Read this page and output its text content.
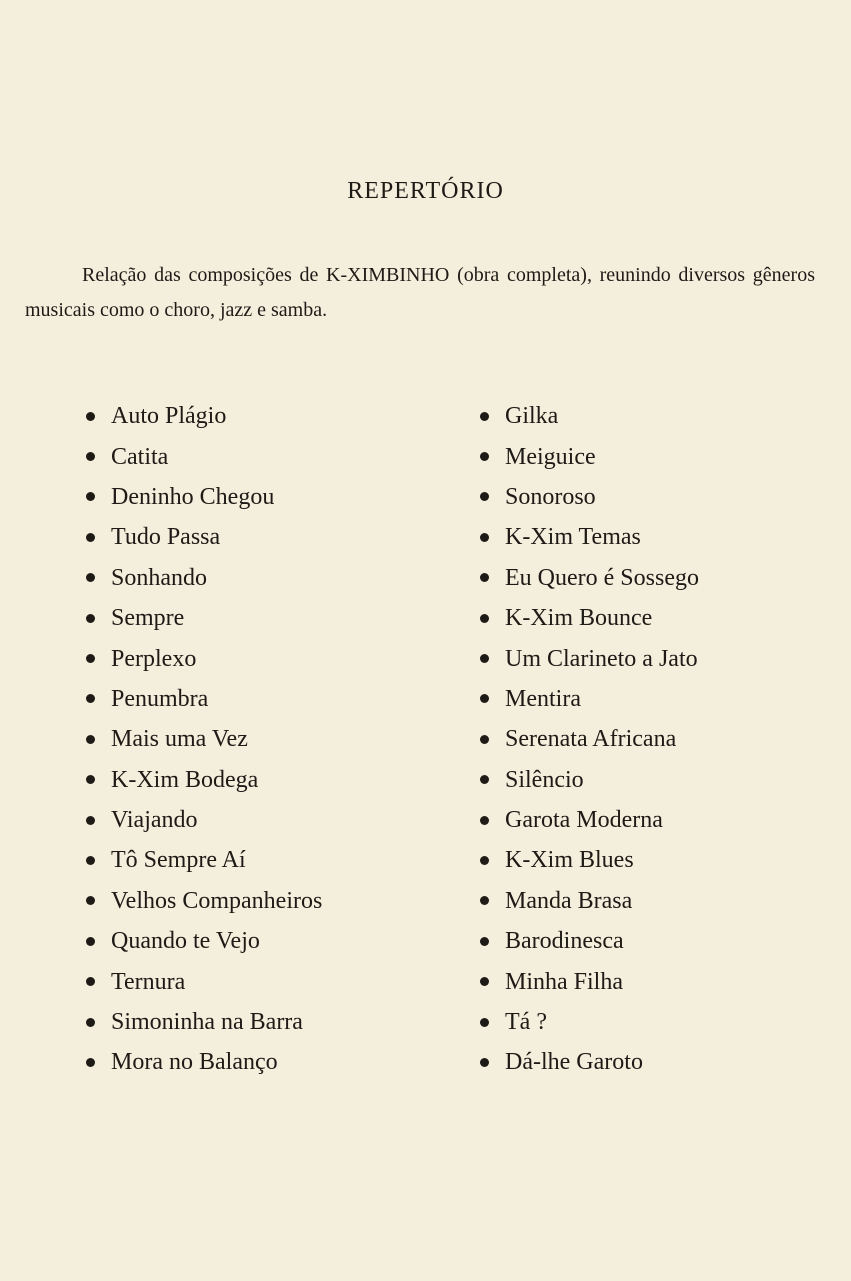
REPERTÓRIO

Relação das composições de K-XIMBINHO (obra completa), reunindo diversos gêneros musicais como o choro, jazz e samba.

Auto Plágio
Catita
Deninho Chegou
Tudo Passa
Sonhando
Sempre
Perplexo
Penumbra
Mais uma Vez
K-Xim Bodega
Viajando
Tô Sempre Aí
Velhos Companheiros
Quando te Vejo
Ternura
Simoninha na Barra
Mora no Balanço
Gilka
Meiguice
Sonoroso
K-Xim Temas
Eu Quero é Sossego
K-Xim Bounce
Um Clarineto a Jato
Mentira
Serenata Africana
Silêncio
Garota Moderna
K-Xim Blues
Manda Brasa
Barodinesca
Minha Filha
Tá ?
Dá-lhe Garoto
